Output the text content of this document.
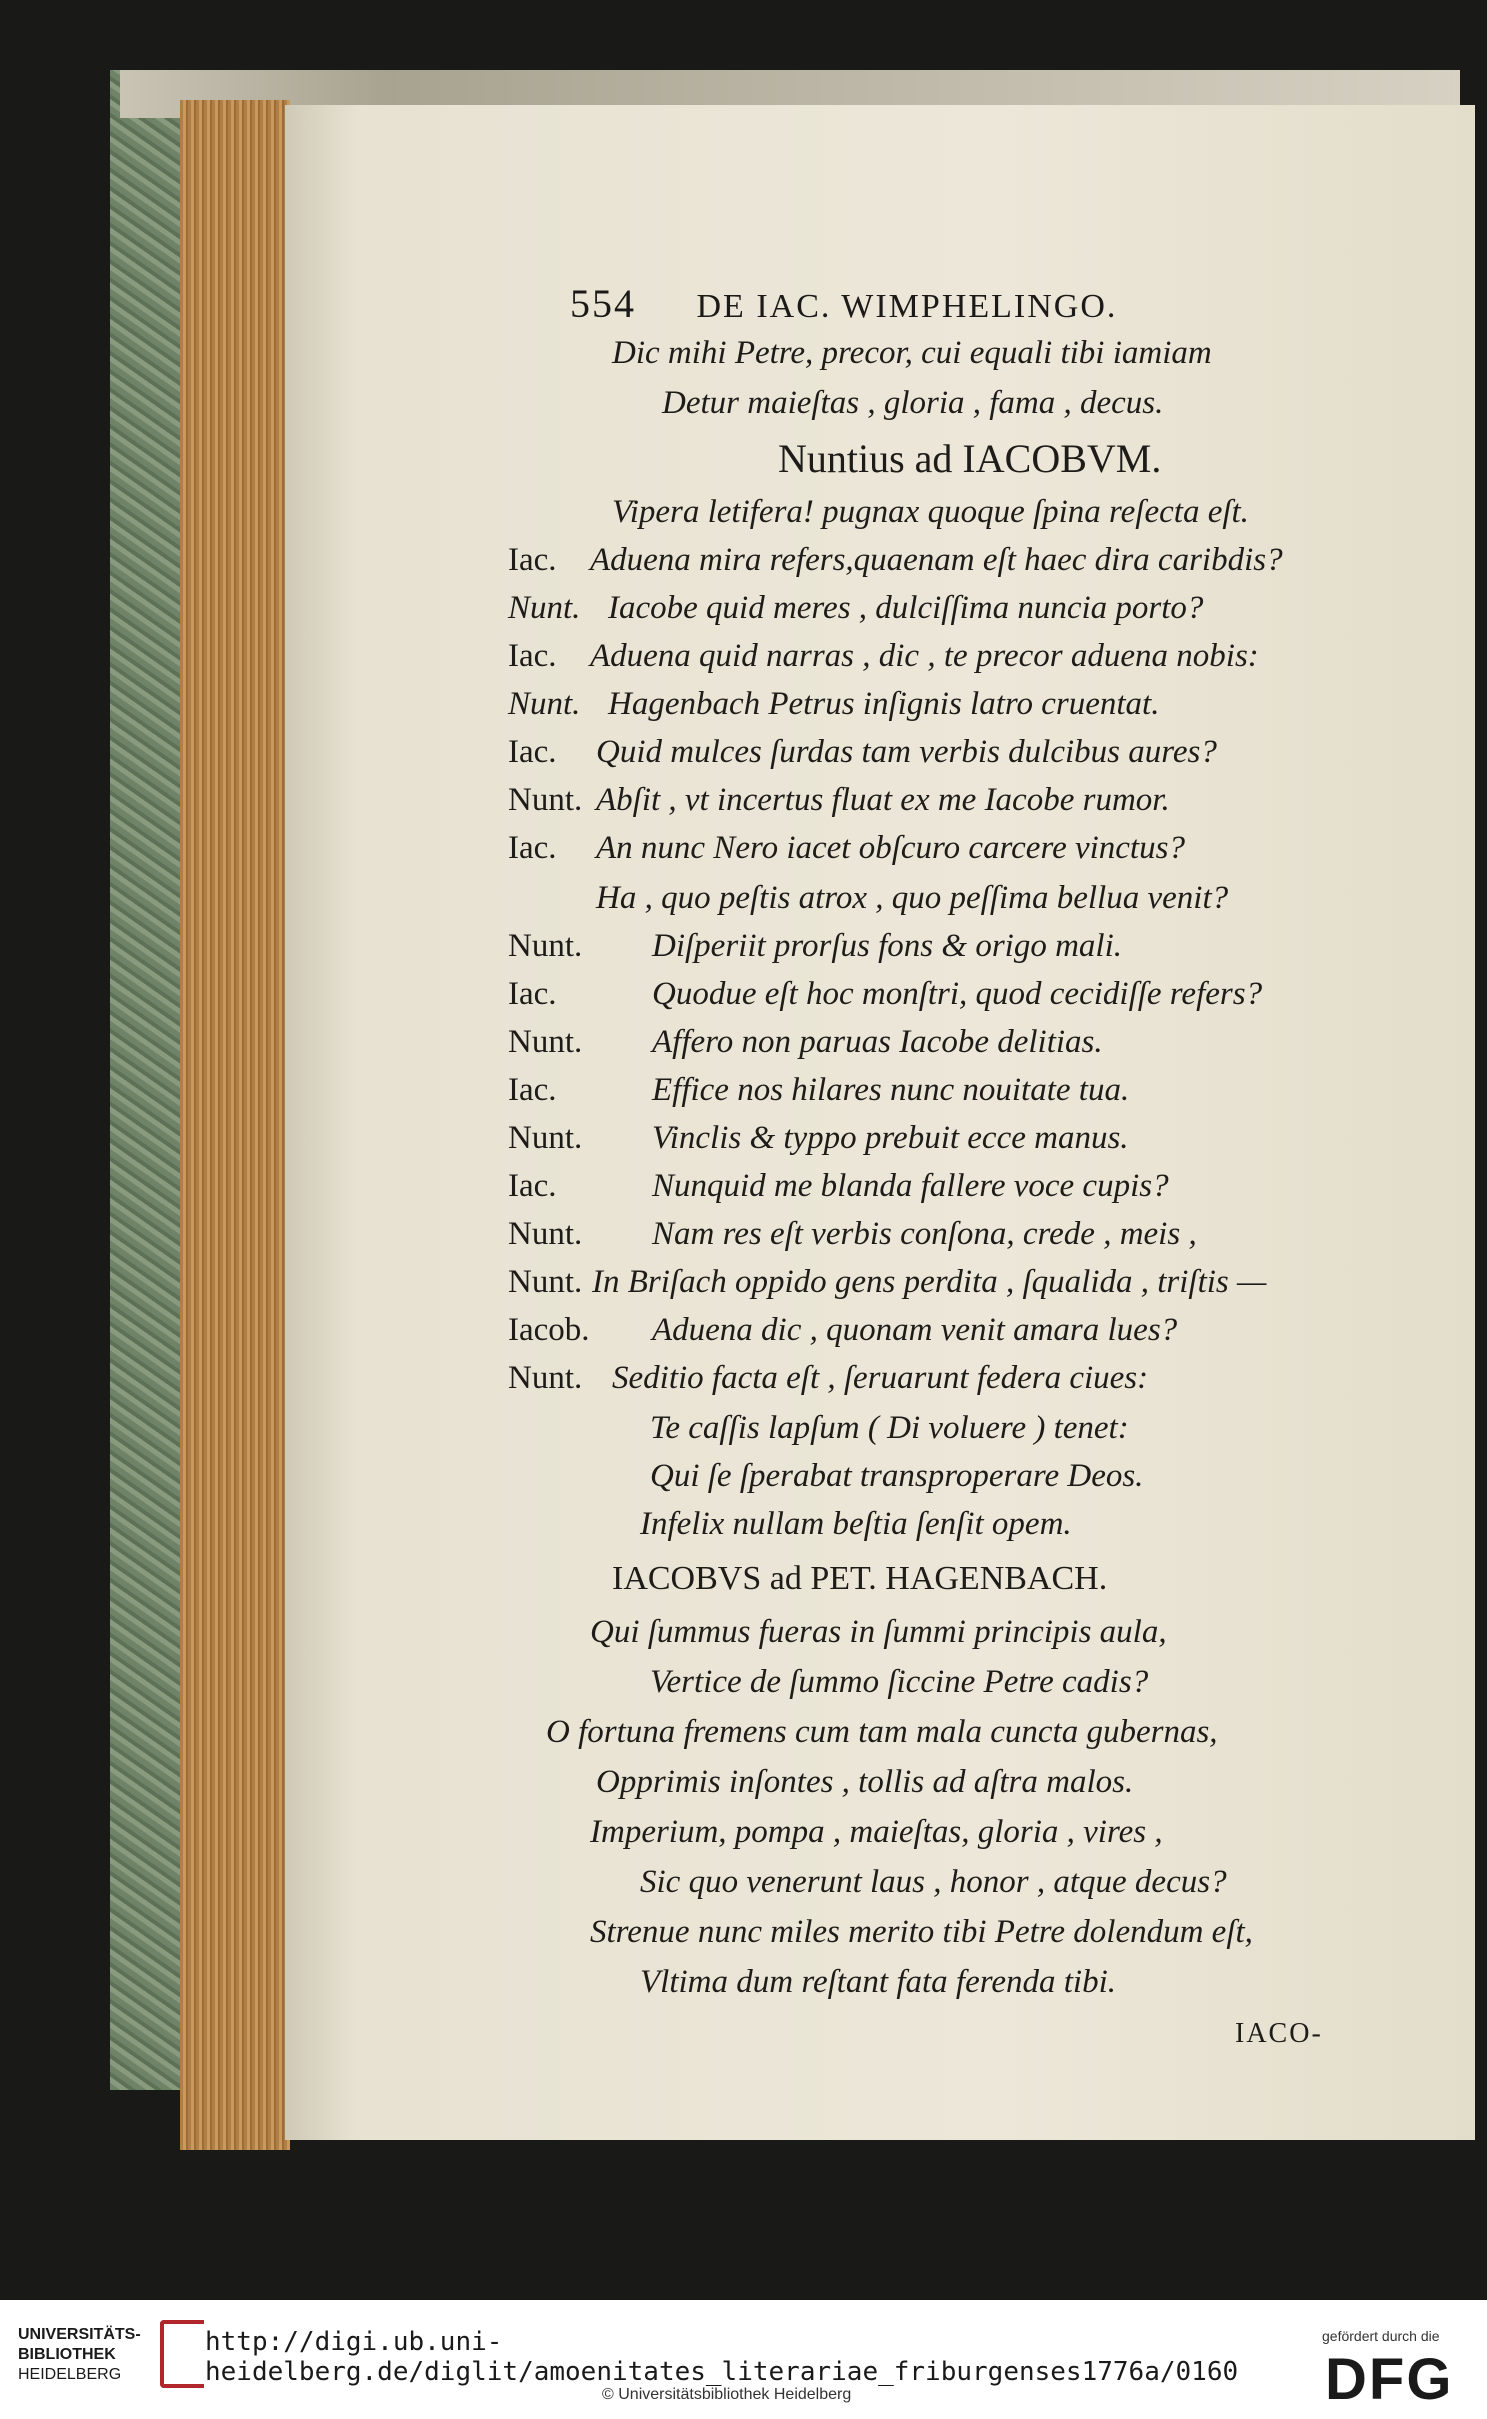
554 DE IAC. WIMPHELINGO.
Dic mihi Petre, precor, cui equali tibi iamiam
Detur maieſtas , gloria , fama , decus.
Nuntius ad IACOBVM.
Vipera letifera! pugnax quoque ſpina reſecta eſt.
Iac. Aduena mira refers,quaenam eſt haec dira caribdis?
Nunt. Iacobe quid meres , dulciſſima nuncia porto?
Iac. Aduena quid narras , dic , te precor aduena nobis:
Nunt. Hagenbach Petrus inſignis latro cruentat.
Iac. Quid mulces ſurdas tam verbis dulcibus aures?
Nunt. Abſit , vt incertus fluat ex me Iacobe rumor.
Iac. An nunc Nero iacet obſcuro carcere vinctus?
Ha , quo peſtis atrox , quo peſſima bellua venit?
Nunt. Diſperiit prorſus fons & origo mali.
Iac.	Quodue eſt hoc monſtri, quod cecidiſſe refers?
Nunt. Affero non paruas Iacobe delitias.
Iac.	Effice nos hilares nunc nouitate tua.
Nunt. Vinclis & typpo prebuit ecce manus.
Iac.	Nunquid me blanda fallere voce cupis?
Nunt. Nam res eſt verbis conſona, crede , meis ,
Nunt. In Briſach oppido gens perdita , ſqualida , triſtis —
Iacob. Aduena dic , quonam venit amara lues?
Nunt. Seditio facta eſt , ſeruarunt federa ciues:
Te caſſis lapſum ( Di voluere ) tenet:
Qui ſe ſperabat transproperare Deos.
Infelix nullam beſtia ſenſit opem.
IACOBVS ad PET. HAGENBACH.
Qui ſummus fueras in ſummi principis aula,
Vertice de ſummo ſiccine Petre cadis?
O fortuna fremens cum tam mala cuncta gubernas,
Opprimis inſontes , tollis ad aſtra malos.
Imperium, pompa , maieſtas, gloria , vires ,
Sic quo venerunt laus , honor , atque decus?
Strenue nunc miles merito tibi Petre dolendum eſt,
Vltima dum reſtant fata ferenda tibi.
IACO-
UNIVERSITÄTS-
BIBLIOTHEK
HEIDELBERG
http://digi.ub.uni-heidelberg.de/diglit/amoenitates_literariae_friburgenses1776a/0160
© Universitätsbibliothek Heidelberg
gefördert durch die
DFG
